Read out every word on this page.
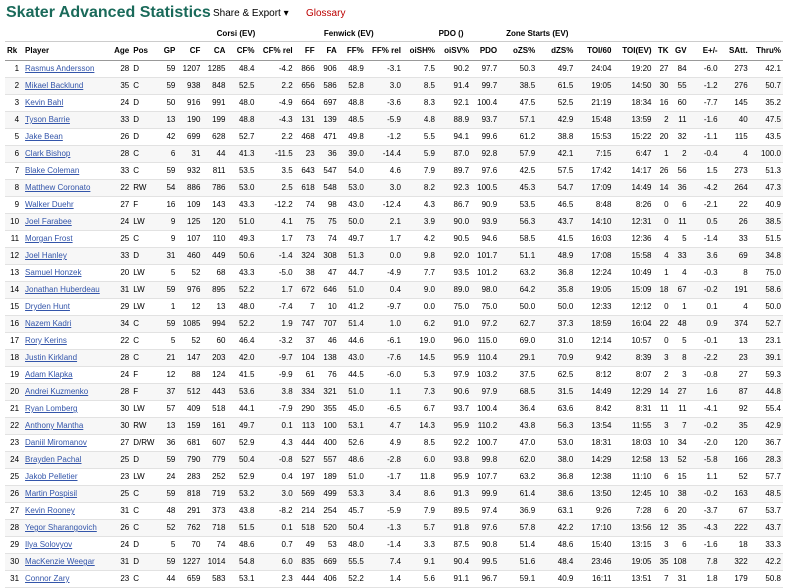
Skater Advanced Statistics Share & Export ▾ Glossary
					Corsi (EV)				Fenwick (EV)				PDO ()			Zone Starts (EV)								
Rk	Player	Age	Pos	GP	CF	CA	CF%	CF% rel	FF	FA	FF%	FF% rel	oiSH%	oiSV%	PDO	oZS%	dZS%	TOI/60	TOI(EV)	TK	GV	E+/-	SAtt.	Thru%
1	Rasmus Andersson	28	D	59	1207	1285	48.4	-4.2	866	906	48.9	-3.1	7.5	90.2	97.7	50.3	49.7	24:04	19:20	27	84	-6.0	273	42.1
2	Mikael Backlund	35	C	59	938	848	52.5	2.2	656	586	52.8	3.0	8.5	91.4	99.7	38.5	61.5	19:05	14:50	30	55	-1.2	276	50.7
3	Kevin Bahl	24	D	50	916	991	48.0	-4.9	664	697	48.8	-3.6	8.3	92.1	100.4	47.5	52.5	21:19	18:34	16	60	-7.7	145	35.2
4	Tyson Barrie	33	D	13	190	199	48.8	-4.3	131	139	48.5	-5.9	4.8	88.9	93.7	57.1	42.9	15:48	13:59	2	11	-1.6	40	47.5
5	Jake Bean	26	D	42	699	628	52.7	2.2	468	471	49.8	-1.2	5.5	94.1	99.6	61.2	38.8	15:53	15:22	20	32	-1.1	115	43.5
6	Clark Bishop	28	C	6	31	44	41.3	-11.5	23	36	39.0	-14.4	5.9	87.0	92.8	57.9	42.1	7:15	6:47	1	2	-0.4	4	100.0
7	Blake Coleman	33	C	59	932	811	53.5	3.5	643	547	54.0	4.6	7.9	89.7	97.6	42.5	57.5	17:42	14:17	26	56	1.5	273	51.3
8	Matthew Coronato	22	RW	54	886	786	53.0	2.5	618	548	53.0	3.0	8.2	92.3	100.5	45.3	54.7	17:09	14:49	14	36	-4.2	264	47.3
9	Walker Duehr	27	F	16	109	143	43.3	-12.2	74	98	43.0	-12.4	4.3	86.7	90.9	53.5	46.5	8:48	8:26	0	6	-2.1	22	40.9
10	Joel Farabee	24	LW	9	125	120	51.0	4.1	75	75	50.0	2.1	3.9	90.0	93.9	56.3	43.7	14:10	12:31	0	11	0.5	26	38.5
11	Morgan Frost	25	C	9	107	110	49.3	1.7	73	74	49.7	1.7	4.2	90.5	94.6	58.5	41.5	16:03	12:36	4	5	-1.4	33	51.5
12	Joel Hanley	33	D	31	460	449	50.6	-1.4	324	308	51.3	0.0	9.8	92.0	101.7	51.1	48.9	17:08	15:58	4	33	3.6	69	34.8
13	Samuel Honzek	20	LW	5	52	68	43.3	-5.0	38	47	44.7	-4.9	7.7	93.5	101.2	63.2	36.8	12:24	10:49	1	4	-0.3	8	75.0
14	Jonathan Huberdeau	31	LW	59	976	895	52.2	1.7	672	646	51.0	0.4	9.0	89.0	98.0	64.2	35.8	19:05	15:09	18	67	-0.2	191	58.6
15	Dryden Hunt	29	LW	1	12	13	48.0	-7.4	7	10	41.2	-9.7	0.0	75.0	75.0	50.0	50.0	12:33	12:12	0	1	0.1	4	50.0
16	Nazem Kadri	34	C	59	1085	994	52.2	1.9	747	707	51.4	1.0	6.2	91.0	97.2	62.7	37.3	18:59	16:04	22	48	0.9	374	52.7
17	Rory Kerins	22	C	5	52	60	46.4	-3.2	37	46	44.6	-6.1	19.0	96.0	115.0	69.0	31.0	12:14	10:57	0	5	-0.1	13	23.1
18	Justin Kirkland	28	C	21	147	203	42.0	-9.7	104	138	43.0	-7.6	14.5	95.9	110.4	29.1	70.9	9:42	8:39	3	8	-2.2	23	39.1
19	Adam Klapka	24	F	12	88	124	41.5	-9.9	61	76	44.5	-6.0	5.3	97.9	103.2	37.5	62.5	8:12	8:07	2	3	-0.8	27	59.3
20	Andrei Kuzmenko	28	F	37	512	443	53.6	3.8	334	321	51.0	1.1	7.3	90.6	97.9	68.5	31.5	14:49	12:29	14	27	1.6	87	44.8
21	Ryan Lomberg	30	LW	57	409	518	44.1	-7.9	290	355	45.0	-6.5	6.7	93.7	100.4	36.4	63.6	8:42	8:31	11	11	-4.1	92	55.4
22	Anthony Mantha	30	RW	13	159	161	49.7	0.1	113	100	53.1	4.7	14.3	95.9	110.2	43.8	56.3	13:54	11:55	3	7	-0.2	35	42.9
23	Daniil Miromanov	27	D/RW	36	681	607	52.9	4.3	444	400	52.6	4.9	8.5	92.2	100.7	47.0	53.0	18:31	18:03	10	34	-2.0	120	36.7
24	Brayden Pachal	25	D	59	790	779	50.4	-0.8	527	557	48.6	-2.8	6.0	93.8	99.8	62.0	38.0	14:29	12:58	13	52	-5.8	166	28.3
25	Jakob Pelletier	23	LW	24	283	252	52.9	0.4	197	189	51.0	-1.7	11.8	95.9	107.7	63.2	36.8	12:38	11:10	6	15	1.1	52	57.7
26	Martin Pospisil	25	C	59	818	719	53.2	3.0	569	499	53.3	3.4	8.6	91.3	99.9	61.4	38.6	13:50	12:45	10	38	-0.2	163	48.5
27	Kevin Rooney	31	C	48	291	373	43.8	-8.2	214	254	45.7	-5.9	7.9	89.5	97.4	36.9	63.1	9:26	7:28	6	20	-3.7	67	53.7
28	Yegor Sharangovich	26	C	52	762	718	51.5	0.1	518	520	50.4	-1.3	5.7	91.8	97.6	57.8	42.2	17:10	13:56	12	35	-4.3	222	43.7
29	Ilya Solovyov	24	D	5	70	74	48.6	0.7	49	53	48.0	-1.4	3.3	87.5	90.8	51.4	48.6	15:40	13:15	3	6	-1.6	18	33.3
30	MacKenzie Weegar	31	D	59	1227	1014	54.8	6.0	835	669	55.5	7.4	9.1	90.4	99.5	51.6	48.4	23:46	19:05	35	108	7.8	322	42.2
31	Connor Zary	23	C	44	659	583	53.1	2.3	444	406	52.2	1.4	5.6	91.1	96.7	59.1	40.9	16:11	13:51	7	31	1.8	179	50.8
